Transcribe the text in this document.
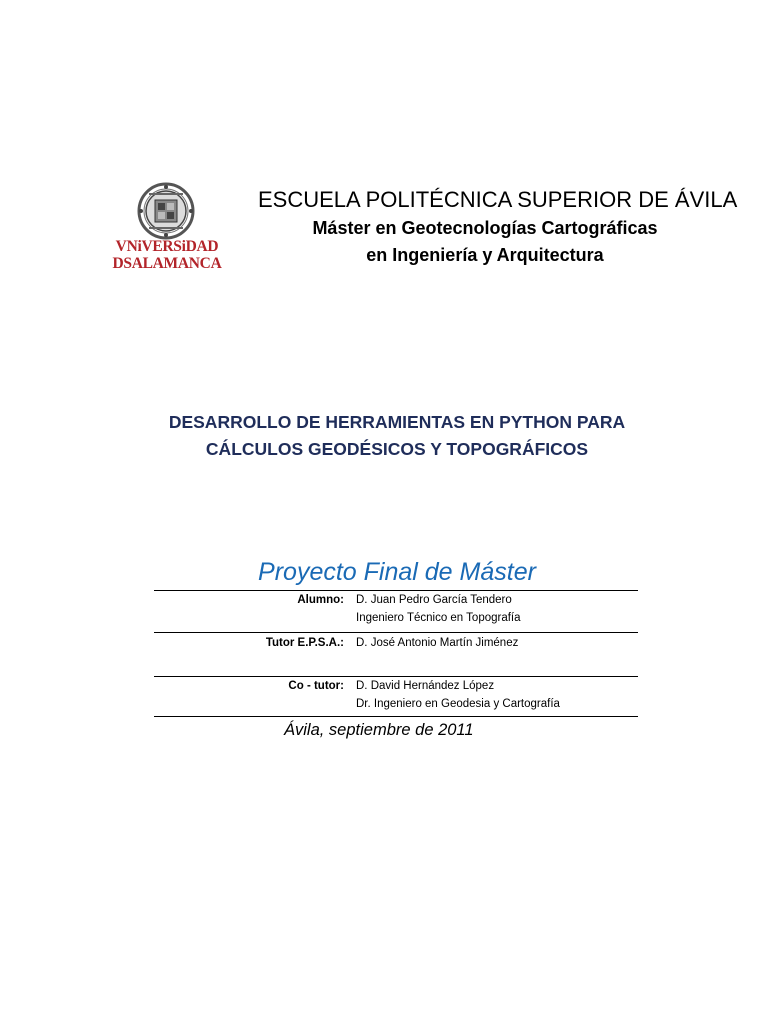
VNiVERSiDAD
DSALAMANCA
ESCUELA POLITÉCNICA SUPERIOR DE ÁVILA
Máster en Geotecnologías Cartográficas
en Ingeniería y Arquitectura
DESARROLLO DE HERRAMIENTAS EN PYTHON PARA
CÁLCULOS GEODÉSICOS Y TOPOGRÁFICOS
Proyecto Final de Máster
Alumno: D. Juan Pedro García Tendero
Ingeniero Técnico en Topografía
Tutor E.P.S.A.: D. José Antonio Martín Jiménez
Co - tutor: D. David Hernández López
Dr. Ingeniero en Geodesia y Cartografía
Ávila, septiembre de 2011
